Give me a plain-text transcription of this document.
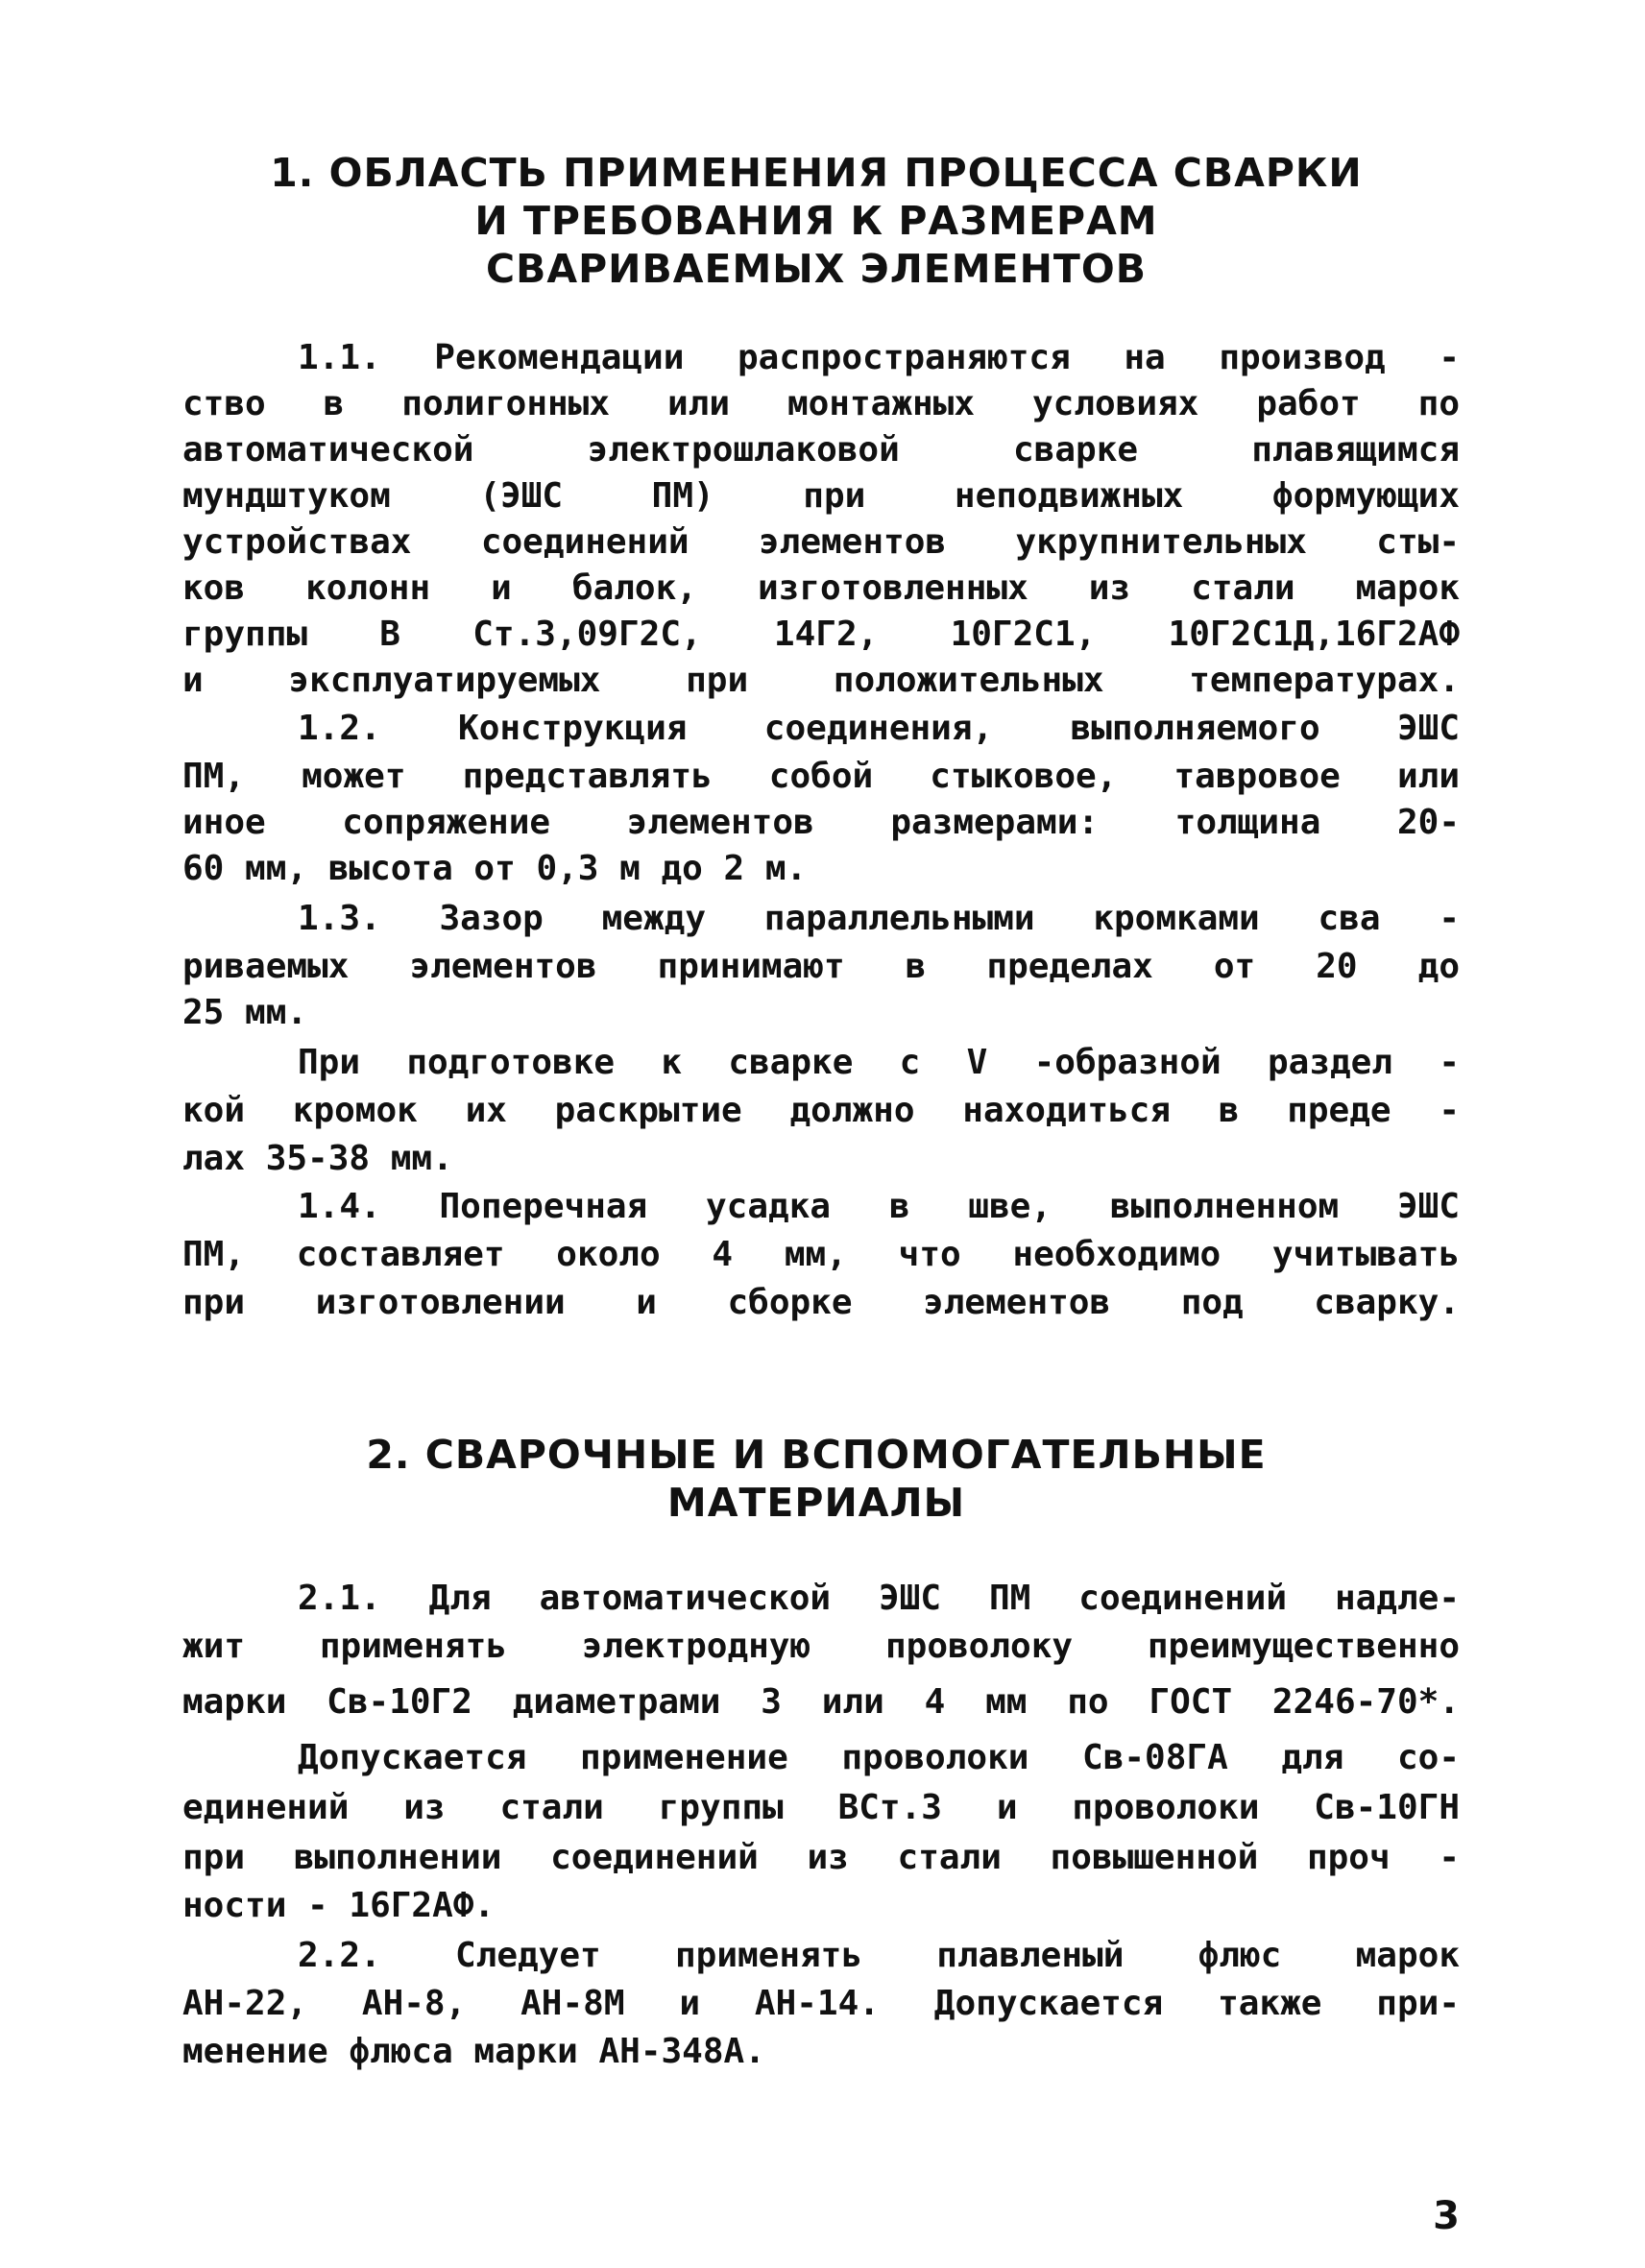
1. ОБЛАСТЬ ПРИМЕНЕНИЯ ПРОЦЕССА СВАРКИ
И ТРЕБОВАНИЯ К РАЗМЕРАМ
СВАРИВАЕМЫХ ЭЛЕМЕНТОВ
1.1. Рекомендации распространяются на производ -
ство в полигонных или монтажных условиях работ по
автоматической электрошлаковой сварке плавящимся
мундштуком (ЭШС ПМ) при неподвижных формующих
устройствах соединений элементов укрупнительных сты-
ков колонн и балок, изготовленных из стали марок
группы В Ст.3,09Г2С, 14Г2, 10Г2С1, 10Г2С1Д,16Г2АФ
и эксплуатируемых при положительных температурах.
1.2. Конструкция соединения, выполняемого ЭШС
ПМ, может представлять собой стыковое, тавровое или
иное сопряжение элементов размерами: толщина 20-
60 мм, высота от 0,3 м до 2 м.
1.3. Зазор между параллельными кромками сва -
риваемых элементов принимают в пределах от 20 до
25 мм.
При подготовке к сварке с V -образной раздел -
кой кромок их раскрытие должно находиться в преде -
лах 35-38 мм.
1.4. Поперечная усадка в шве, выполненном ЭШС
ПМ, составляет около 4 мм, что необходимо учитывать
при изготовлении и сборке элементов под сварку.
2. СВАРОЧНЫЕ И ВСПОМОГАТЕЛЬНЫЕ
МАТЕРИАЛЫ
2.1. Для автоматической ЭШС ПМ соединений надле-
жит применять электродную проволоку преимущественно
марки Св-10Г2 диаметрами 3 или 4 мм по ГОСТ 2246-70*.
Допускается применение проволоки Св-08ГА для со-
единений из стали группы ВСт.3 и проволоки Св-10ГН
при выполнении соединений из стали повышенной проч -
ности - 16Г2АФ.
2.2. Следует применять плавленый флюс марок
АН-22, АН-8, АН-8М и АН-14. Допускается также при-
менение флюса марки АН-348А.
3
